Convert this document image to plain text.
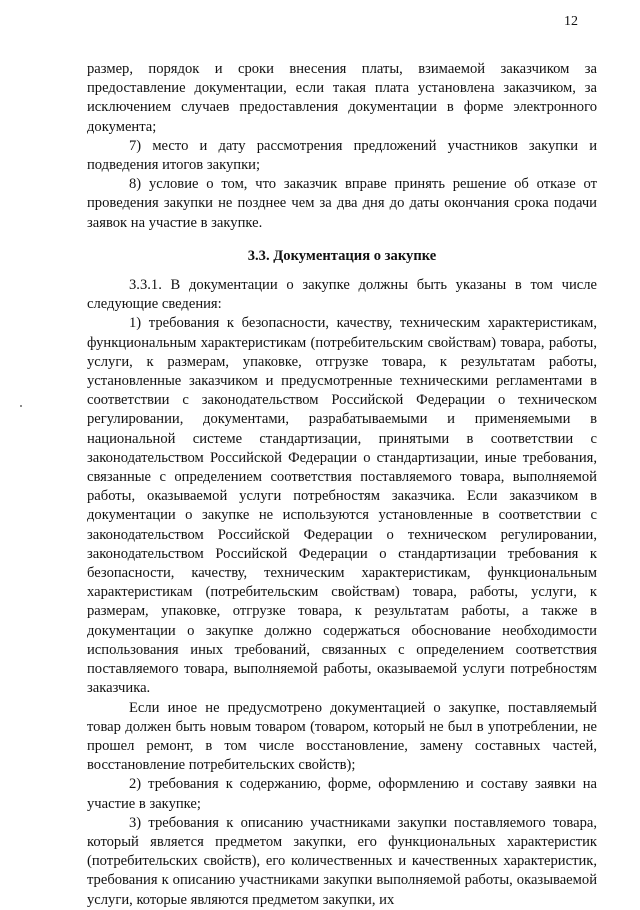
12

размер, порядок и сроки внесения платы, взимаемой заказчиком за предоставление документации, если такая плата установлена заказчиком, за исключением случаев предоставления документации в форме электронного документа;

7) место и дату рассмотрения предложений участников закупки и подведения итогов закупки;

8) условие о том, что заказчик вправе принять решение об отказе от проведения закупки не позднее чем за два дня до даты окончания срока подачи заявок на участие в закупке.

3.3. Документация о закупке

3.3.1. В документации о закупке должны быть указаны в том числе следующие сведения:

1) требования к безопасности, качеству, техническим характеристикам, функциональным характеристикам (потребительским свойствам) товара, работы, услуги, к размерам, упаковке, отгрузке товара, к результатам работы, установленные заказчиком и предусмотренные техническими регламентами в соответствии с законодательством Российской Федерации о техническом регулировании, документами, разрабатываемыми и применяемыми в национальной системе стандартизации, принятыми в соответствии с законодательством Российской Федерации о стандартизации, иные требования, связанные с определением соответствия поставляемого товара, выполняемой работы, оказываемой услуги потребностям заказчика. Если заказчиком в документации о закупке не используются установленные в соответствии с законодательством Российской Федерации о техническом регулировании, законодательством Российской Федерации о стандартизации требования к безопасности, качеству, техническим характеристикам, функциональным характеристикам (потребительским свойствам) товара, работы, услуги, к размерам, упаковке, отгрузке товара, к результатам работы, а также в документации о закупке должно содержаться обоснование необходимости использования иных требований, связанных с определением соответствия поставляемого товара, выполняемой работы, оказываемой услуги потребностям заказчика.

Если иное не предусмотрено документацией о закупке, поставляемый товар должен быть новым товаром (товаром, который не был в употреблении, не прошел ремонт, в том числе восстановление, замену составных частей, восстановление потребительских свойств);

2) требования к содержанию, форме, оформлению и составу заявки на участие в закупке;

3) требования к описанию участниками закупки поставляемого товара, который является предметом закупки, его функциональных характеристик (потребительских свойств), его количественных и качественных характеристик, требования к описанию участниками закупки выполняемой работы, оказываемой услуги, которые являются предметом закупки, их
